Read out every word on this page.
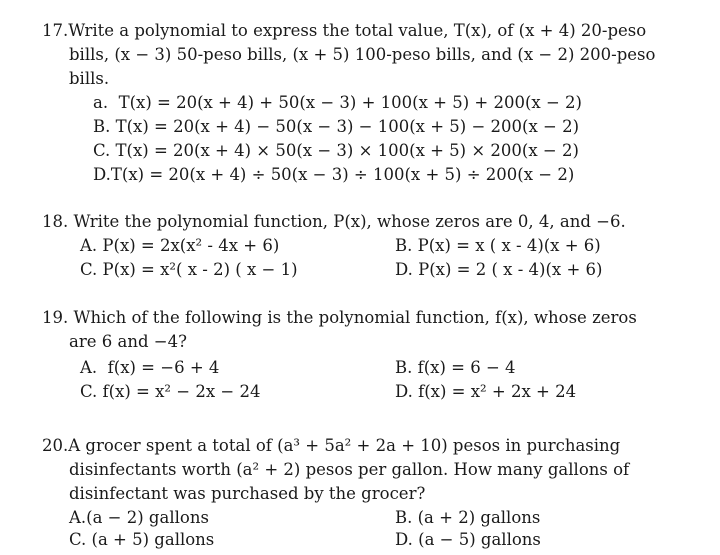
17.Write a polynomial to express the total value, T(x), of (x + 4) 20-peso
bills, (x − 3) 50-peso bills, (x + 5) 100-peso bills, and (x − 2) 200-peso
bills.
a.  T(x) = 20(x + 4) + 50(x − 3) + 100(x + 5) + 200(x − 2)
B. T(x) = 20(x + 4) − 50(x − 3) − 100(x + 5) − 200(x − 2)
C. T(x) = 20(x + 4) × 50(x − 3) × 100(x + 5) × 200(x − 2)
D.T(x) = 20(x + 4) ÷ 50(x − 3) ÷ 100(x + 5) ÷ 200(x − 2)
18. Write the polynomial function, P(x), whose zeros are 0, 4, and −6.
A. P(x) = 2x(x² - 4x + 6)	B. P(x) = x ( x - 4)(x + 6)
C. P(x) = x²( x - 2) ( x − 1)	D. P(x) = 2 ( x - 4)(x + 6)
19. Which of the following is the polynomial function, f(x), whose zeros
are 6 and −4?
A.  f(x) = −6 + 4	B. f(x) = 6 − 4
C. f(x) = x² − 2x − 24	D. f(x) = x² + 2x + 24
20.A grocer spent a total of (a³ + 5a² + 2a + 10) pesos in purchasing
disinfectants worth (a² + 2) pesos per gallon. How many gallons of
disinfectant was purchased by the grocer?
A.(a − 2) gallons	B. (a + 2) gallons
C. (a + 5) gallons	D. (a − 5) gallons
